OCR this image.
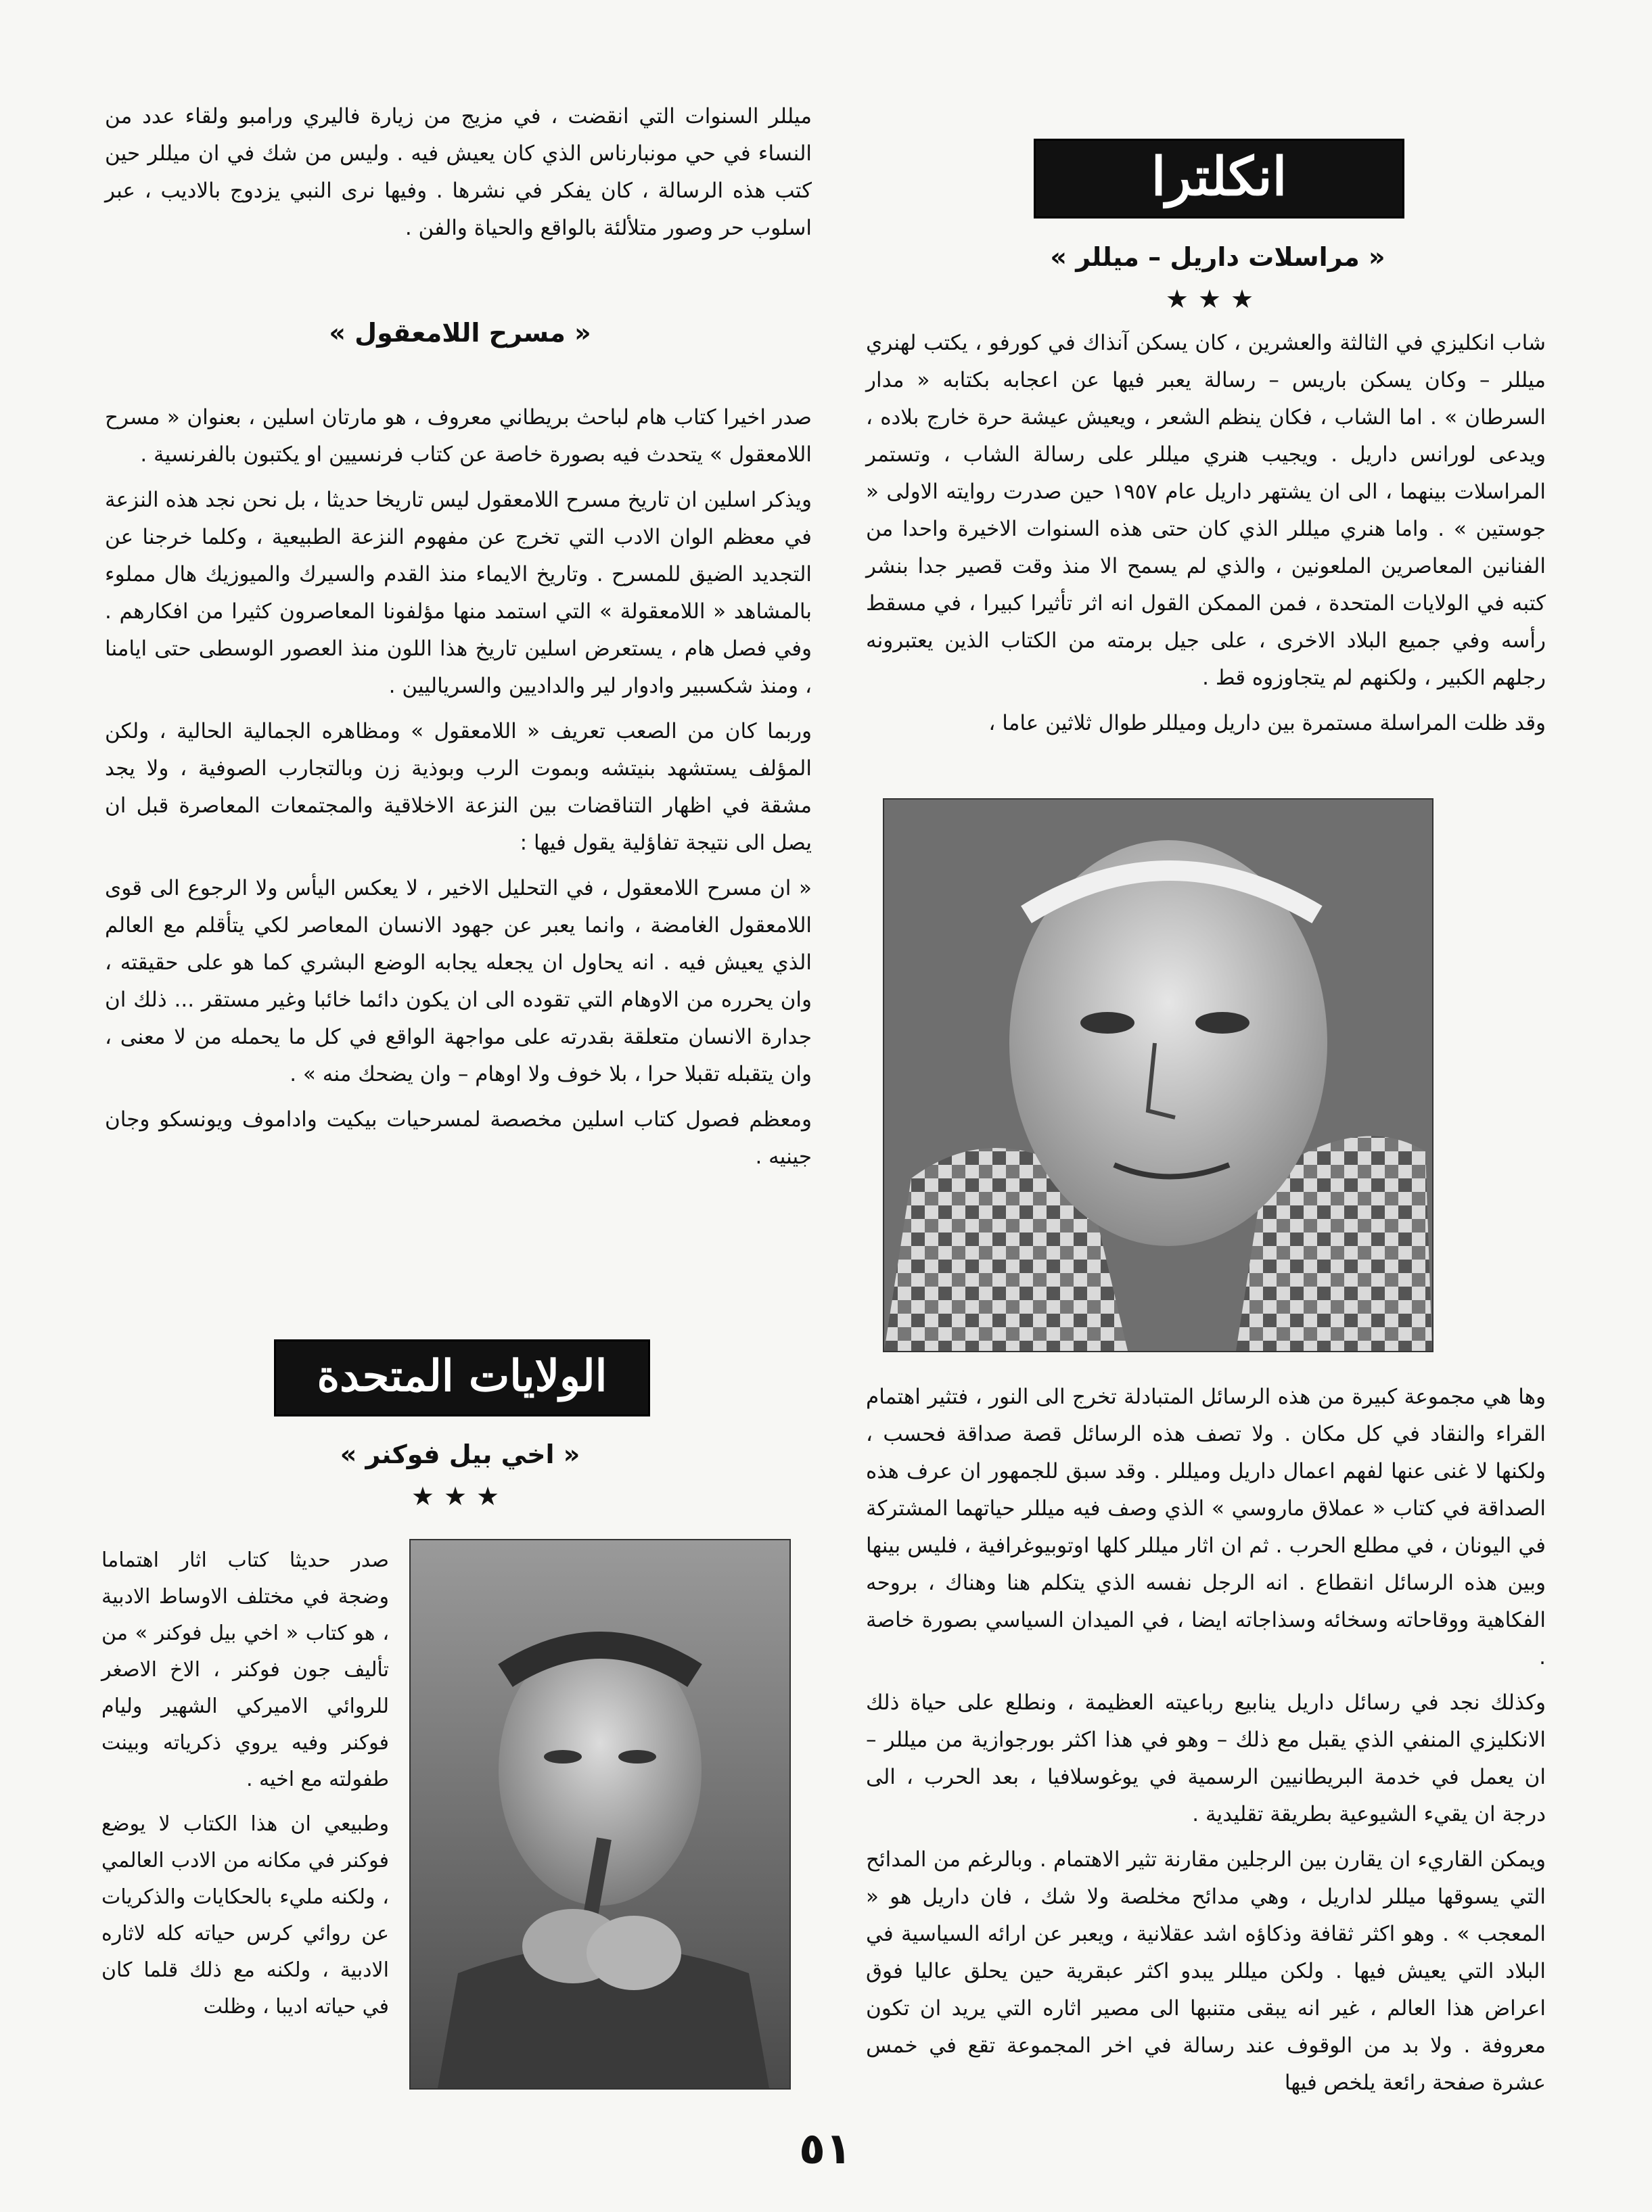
انكلترا
« مراسلات داريل – ميللر »
★★★

شاب انكليزي في الثالثة والعشرين ، كان يسكن آنذاك في كورفو ، يكتب لهنري ميللر – وكان يسكن باريس – رسالة يعبر فيها عن اعجابه بكتابه « مدار السرطان » . اما الشاب ، فكان ينظم الشعر ، ويعيش عيشة حرة خارج بلاده ، ويدعى لورانس داريل . ويجيب هنري ميللر على رسالة الشاب ، وتستمر المراسلات بينهما ، الى ان يشتهر داريل عام ١٩٥٧ حين صدرت روايته الاولى « جوستين » . واما هنري ميللر الذي كان حتى هذه السنوات الاخيرة واحدا من الفنانين المعاصرين الملعونين ، والذي لم يسمح الا منذ وقت قصير جدا بنشر كتبه في الولايات المتحدة ، فمن الممكن القول انه اثر تأثيرا كبيرا ، في مسقط رأسه وفي جميع البلاد الاخرى ، على جيل برمته من الكتاب الذين يعتبرونه رجلهم الكبير ، ولكنهم لم يتجاوزوه قط .

وقد ظلت المراسلة مستمرة بين داريل وميللر طوال ثلاثين عاما ،

وها هي مجموعة كبيرة من هذه الرسائل المتبادلة تخرج الى النور ، فتثير اهتمام القراء والنقاد في كل مكان . ولا تصف هذه الرسائل قصة صداقة فحسب ، ولكنها لا غنى عنها لفهم اعمال داريل وميللر . وقد سبق للجمهور ان عرف هذه الصداقة في كتاب « عملاق ماروسي » الذي وصف فيه ميللر حياتهما المشتركة في اليونان ، في مطلع الحرب . ثم ان اثار ميللر كلها اوتوبيوغرافية ، فليس بينها وبين هذه الرسائل انقطاع . انه الرجل نفسه الذي يتكلم هنا وهناك ، بروحه الفكاهية ووقاحاته وسخائه وسذاجاته ايضا ، في الميدان السياسي بصورة خاصة .

وكذلك نجد في رسائل داريل ينابيع رباعيته العظيمة ، ونطلع على حياة ذلك الانكليزي المنفي الذي يقبل مع ذلك – وهو في هذا اكثر بورجوازية من ميللر – ان يعمل في خدمة البريطانيين الرسمية في يوغوسلافيا ، بعد الحرب ، الى درجة ان يقيء الشيوعية بطريقة تقليدية .

ويمكن القاريء ان يقارن بين الرجلين مقارنة تثير الاهتمام . وبالرغم من المدائح التي يسوقها ميللر لداريل ، وهي مدائح مخلصة ولا شك ، فان داريل هو « المعجب » . وهو اكثر ثقافة وذكاؤه اشد عقلانية ، ويعبر عن ارائه السياسية في البلاد التي يعيش فيها . ولكن ميللر يبدو اكثر عبقرية حين يحلق عاليا فوق اعراض هذا العالم ، غير انه يبقى متنبها الى مصير اثاره التي يريد ان تكون معروفة . ولا بد من الوقوف عند رسالة في اخر المجموعة تقع في خمس عشرة صفحة رائعة يلخص فيها

ميللر السنوات التي انقضت ، في مزيج من زيارة فاليري ورامبو ولقاء عدد من النساء في حي مونبارناس الذي كان يعيش فيه . وليس من شك في ان ميللر حين كتب هذه الرسالة ، كان يفكر في نشرها . وفيها نرى النبي يزدوج بالاديب ، عبر اسلوب حر وصور متلألئة بالواقع والحياة والفن .

« مسرح اللامعقول »

صدر اخيرا كتاب هام لباحث بريطاني معروف ، هو مارتان اسلين ، بعنوان « مسرح اللامعقول » يتحدث فيه بصورة خاصة عن كتاب فرنسيين او يكتبون بالفرنسية .

ويذكر اسلين ان تاريخ مسرح اللامعقول ليس تاريخا حديثا ، بل نحن نجد هذه النزعة في معظم الوان الادب التي تخرج عن مفهوم النزعة الطبيعية ، وكلما خرجنا عن التجديد الضيق للمسرح . وتاريخ الايماء منذ القدم والسيرك والميوزيك هال مملوء بالمشاهد « اللامعقولة » التي استمد منها مؤلفونا المعاصرون كثيرا من افكارهم . وفي فصل هام ، يستعرض اسلين تاريخ هذا اللون منذ العصور الوسطى حتى ايامنا ، ومنذ شكسبير وادوار لير والداديين والسرياليين .

وربما كان من الصعب تعريف « اللامعقول » ومظاهره الجمالية الحالية ، ولكن المؤلف يستشهد بنيتشه وبموت الرب وبوذية زن وبالتجارب الصوفية ، ولا يجد مشقة في اظهار التناقضات بين النزعة الاخلاقية والمجتمعات المعاصرة قبل ان يصل الى نتيجة تفاؤلية يقول فيها :

« ان مسرح اللامعقول ، في التحليل الاخير ، لا يعكس اليأس ولا الرجوع الى قوى اللامعقول الغامضة ، وانما يعبر عن جهود الانسان المعاصر لكي يتأقلم مع العالم الذي يعيش فيه . انه يحاول ان يجعله يجابه الوضع البشري كما هو على حقيقته ، وان يحرره من الاوهام التي تقوده الى ان يكون دائما خائبا وغير مستقر ... ذلك ان جدارة الانسان متعلقة بقدرته على مواجهة الواقع في كل ما يحمله من لا معنى ، وان يتقبله تقبلا حرا ، بلا خوف ولا اوهام – وان يضحك منه » .

ومعظم فصول كتاب اسلين مخصصة لمسرحيات بيكيت واداموف ويونسكو وجان جينيه .

الولايات المتحدة
« اخي بيل فوكنر »
★★★

صدر حديثا كتاب اثار اهتماما وضجة في مختلف الاوساط الادبية ، هو كتاب « اخي بيل فوكنر » من تأليف جون فوكنر ، الاخ الاصغر للروائي الاميركي الشهير وليام فوكنر وفيه يروي ذكرياته وبينت طفولته مع اخيه .

وطبيعي ان هذا الكتاب لا يوضع فوكنر في مكانه من الادب العالمي ، ولكنه مليء بالحكايات والذكريات عن روائي كرس حياته كله لاثاره الادبية ، ولكنه مع ذلك قلما كان في حياته اديبا ، وظلت

٥١
